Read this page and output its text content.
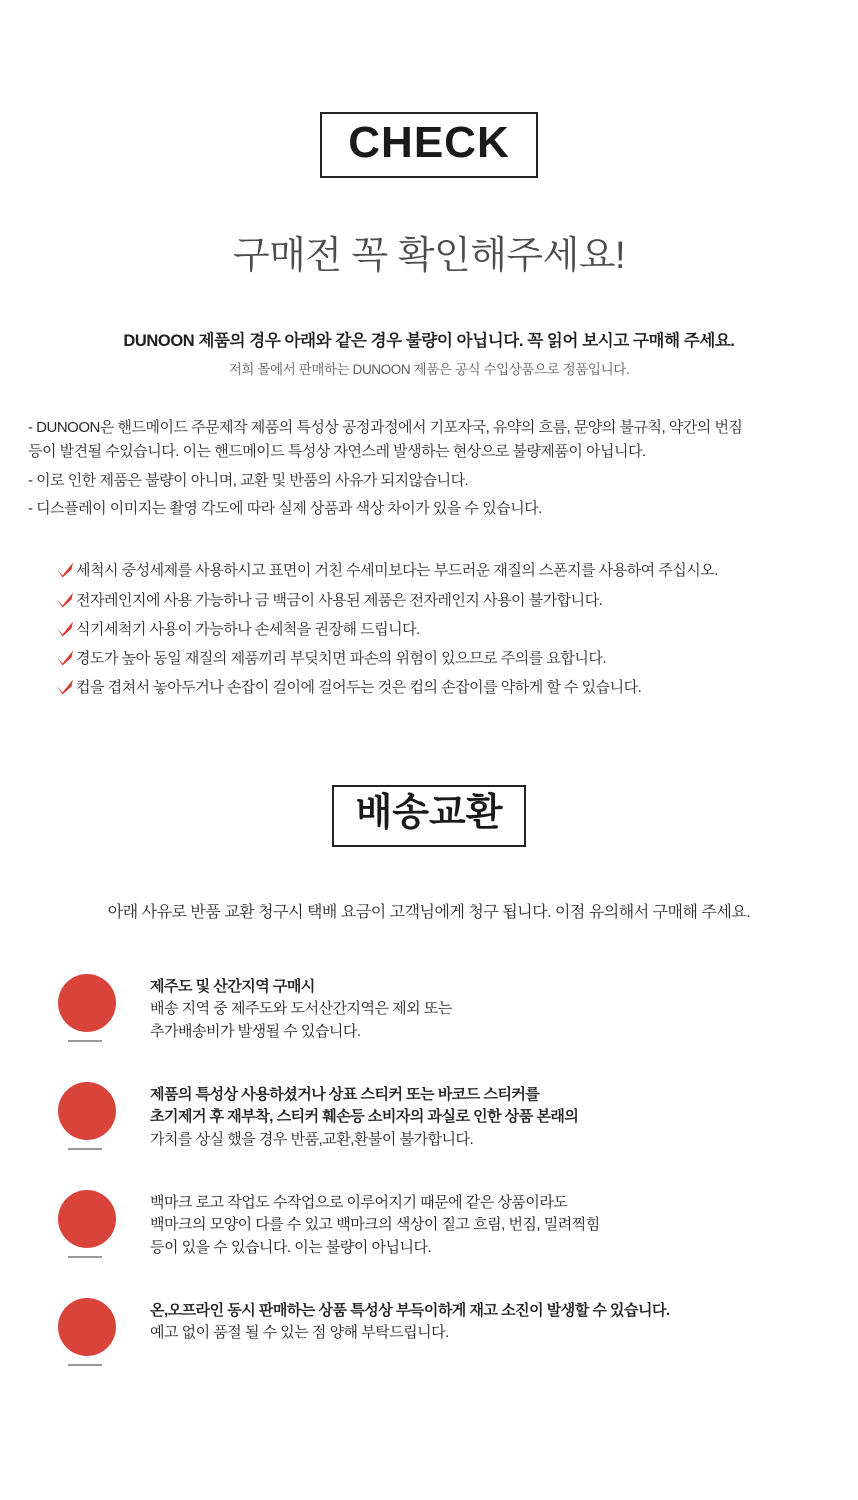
CHECK
구매전 꼭 확인해주세요!
DUNOON 제품의 경우 아래와 같은 경우 불량이 아닙니다. 꼭 읽어 보시고 구매해 주세요.
저희 몰에서 판매하는 DUNOON 제품은 공식 수입상품으로 정품입니다.
- DUNOON은 핸드메이드 주문제작 제품의 특성상 공정과정에서 기포자국, 유약의 흐름, 문양의 불규칙, 약간의 번짐
등이 발견될 수있습니다. 이는 핸드메이드 특성상 자연스레 발생하는 현상으로 불량제품이 아닙니다.
- 이로 인한 제품은 불량이 아니며, 교환 및 반품의 사유가 되지않습니다.
- 디스플레이 이미지는 촬영 각도에 따라 실제 상품과 색상 차이가 있을 수 있습니다.
세척시 중성세제를 사용하시고 표면이 거친 수세미보다는 부드러운 재질의 스폰지를 사용하여 주십시오.
전자레인지에 사용 가능하나 금 백금이 사용된 제품은 전자레인지 사용이 불가합니다.
식기세척기 사용이 가능하나 손세척을 권장해 드립니다.
경도가 높아 동일 재질의 제품끼리 부딪치면 파손의 위험이 있으므로 주의를 요합니다.
컵을 겹쳐서 놓아두거나 손잡이 걸이에 걸어두는 것은 컵의 손잡이를 약하게 할 수 있습니다.
배송교환
아래 사유로 반품 교환 청구시 택배 요금이 고객님에게 청구 됩니다. 이점 유의해서 구매해 주세요.
01	제주도 및 산간지역 구매시
배송 지역 중 제주도와 도서산간지역은 제외 또는
추가배송비가 발생될 수 있습니다.
02	제품의 특성상 사용하셨거나 상표 스티커 또는 바코드 스티커를
초기제거 후 재부착, 스티커 훼손등 소비자의 과실로 인한 상품 본래의
가치를 상실 했을 경우 반품,교환,환불이 불가합니다.
03	백마크 로고 작업도 수작업으로 이루어지기 때문에 같은 상품이라도
백마크의 모양이 다를 수 있고 백마크의 색상이 짙고 흐림, 번짐, 밀려찍힘
등이 있을 수 있습니다. 이는 불량이 아닙니다.
04	온,오프라인 동시 판매하는 상품 특성상 부득이하게 재고 소진이 발생할 수 있습니다.
예고 없이 품절 될 수 있는 점 양해 부탁드립니다.
